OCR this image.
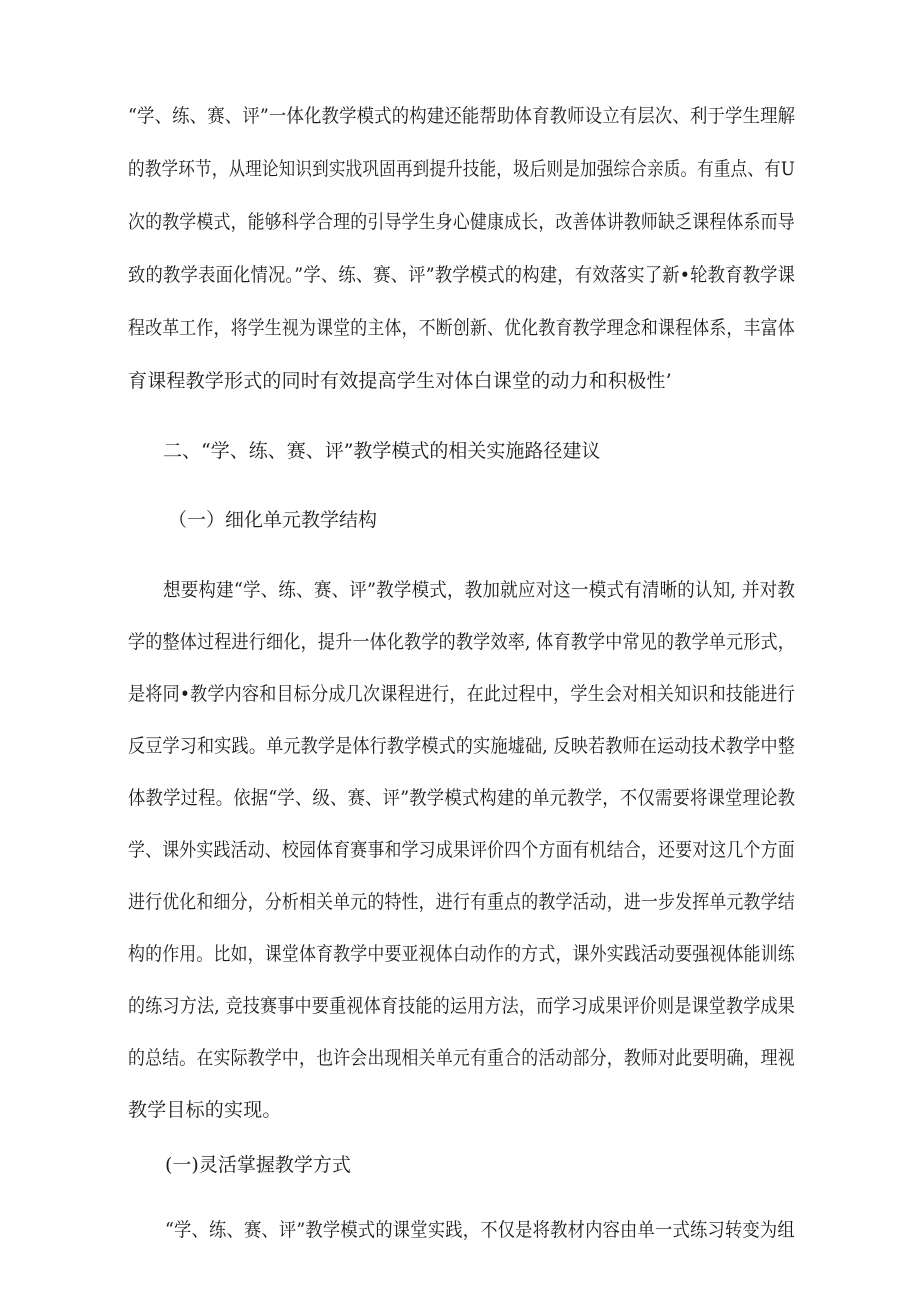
“学、练、赛、评”一体化教学模式的构建还能帮助体育教师设立有层次、利于学生理解
的教学环节，从理论知识到实戕巩固再到提升技能，圾后则是加强综合亲质。有重点、有U
次的教学模式，能够科学合理的引导学生身心健康成长，改善体讲教师缺乏课程体系而导
致的教学表面化情况。”学、练、赛、评”教学模式的构建，有效落实了新•轮教育教学课
程改革工作，将学生视为课堂的主体，不断创新、优化教育教学理念和课程体系，丰富体
育课程教学形式的同时有效提高学生对体白课堂的动力和积极性’
二、“学、练、赛、评”教学模式的相关实施路径建议
（一）细化单元教学结构
想要构建“学、练、赛、评”教学模式，教加就应对这一模式有清晰的认知, 并对教
学的整体过程进行细化，提升一体化教学的教学效率, 体育教学中常见的教学单元形式，
是将同•教学内容和目标分成几次课程进行，在此过程中，学生会对相关知识和技能进行
反豆学习和实践。单元教学是体行教学模式的实施墟础, 反映若教师在运动技术教学中整
体教学过程。依据“学、级、赛、评”教学模式构建的单元教学，不仅需要将课堂理论教
学、课外实践活动、校园体育赛事和学习成果评价四个方面有机结合，还要对这几个方面
进行优化和细分，分析相关单元的特性，进行有重点的教学活动，进一步发挥单元教学结
构的作用。比如，课堂体育教学中要亚视体白动作的方式，课外实践活动要强视体能训练
的练习方法, 竞技赛事中要重视体育技能的运用方法，而学习成果评价则是课堂教学成果
的总结。在实际教学中，也许会出现相关单元有重合的活动部分，教师对此要明确，理视
教学目标的实现。
(一)灵活掌握教学方式
“学、练、赛、评”教学模式的课堂实践，不仅是将教材内容由单一式练习转变为组
